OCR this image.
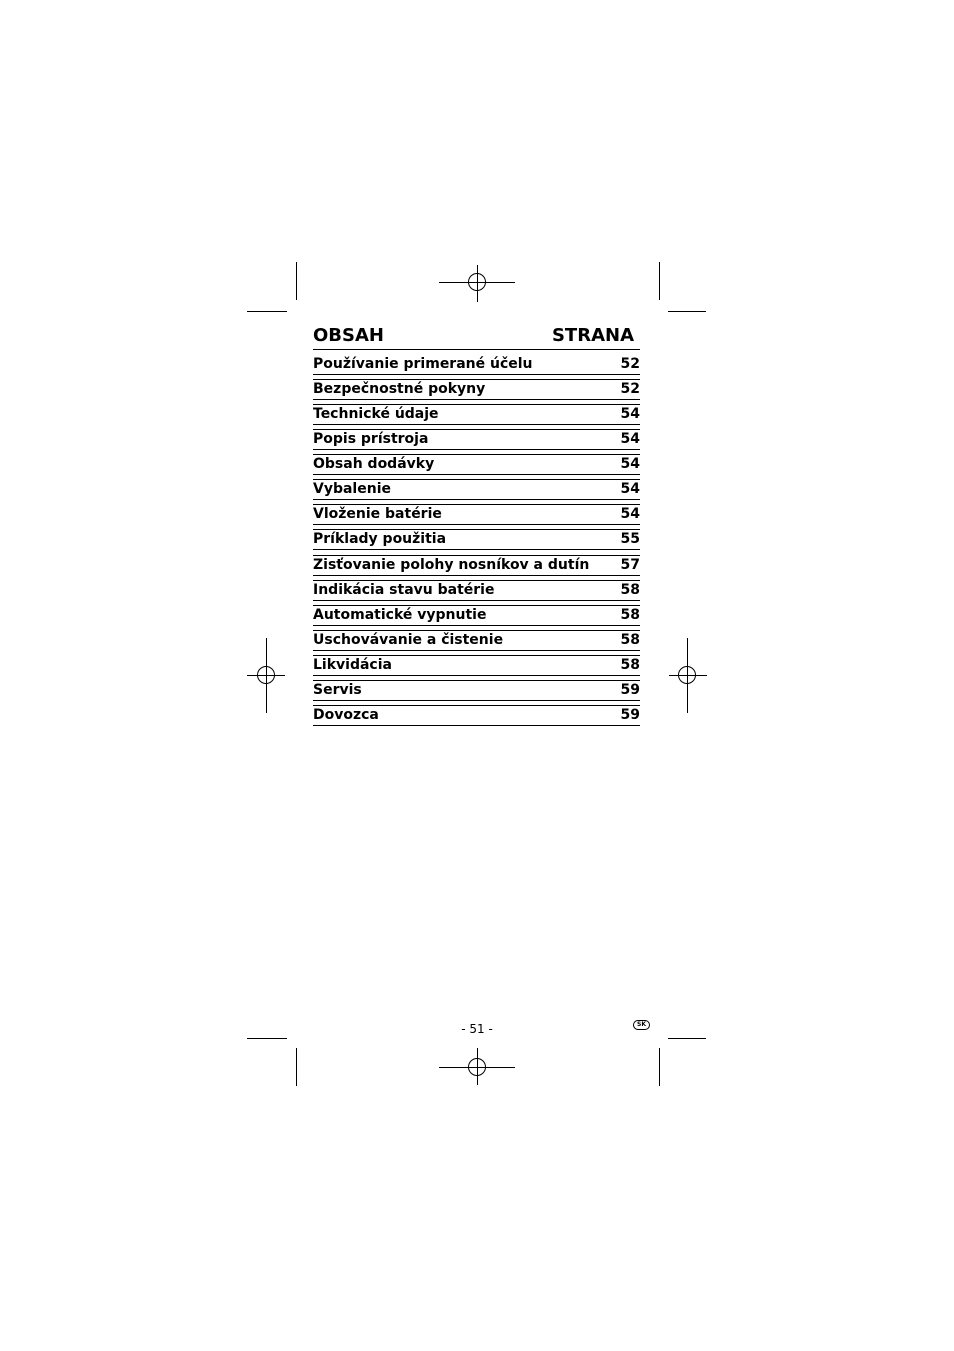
OBSAH	STRANA
Používanie primerané účelu	52
Bezpečnostné pokyny	52
Technické údaje	54
Popis prístroja	54
Obsah dodávky	54
Vybalenie	54
Vloženie batérie	54
Príklady použitia	55
Zisťovanie polohy nosníkov a dutín 57
Indikácia stavu batérie	58
Automatické vypnutie	58
Uschovávanie a čistenie	58
Likvidácia	58
Servis	59
Dovozca	59
- 51 -	SK
